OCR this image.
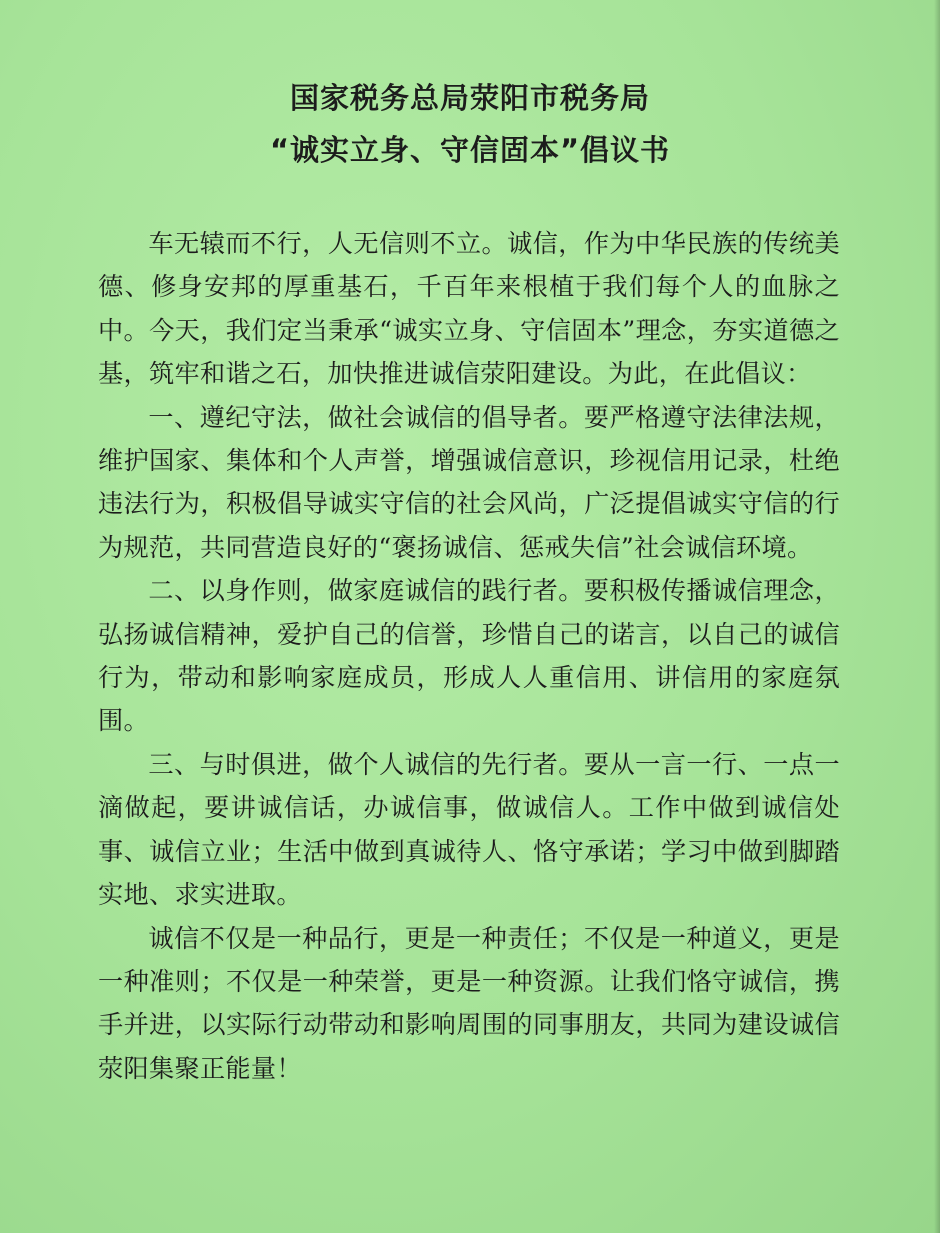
国家税务总局荥阳市税务局
“诚实立身、守信固本”倡议书

车无辕而不行，人无信则不立。诚信，作为中华民族的传统美德、修身安邦的厚重基石，千百年来根植于我们每个人的血脉之中。今天，我们定当秉承“诚实立身、守信固本”理念，夯实道德之基，筑牢和谐之石，加快推进诚信荥阳建设。为此，在此倡议：

一、遵纪守法，做社会诚信的倡导者。要严格遵守法律法规，维护国家、集体和个人声誉，增强诚信意识，珍视信用记录，杜绝违法行为，积极倡导诚实守信的社会风尚，广泛提倡诚实守信的行为规范，共同营造良好的“褒扬诚信、惩戒失信”社会诚信环境。

二、以身作则，做家庭诚信的践行者。要积极传播诚信理念，弘扬诚信精神，爱护自己的信誉，珍惜自己的诺言，以自己的诚信行为，带动和影响家庭成员，形成人人重信用、讲信用的家庭氛围。

三、与时俱进，做个人诚信的先行者。要从一言一行、一点一滴做起，要讲诚信话，办诚信事，做诚信人。工作中做到诚信处事、诚信立业；生活中做到真诚待人、恪守承诺；学习中做到脚踏实地、求实进取。

诚信不仅是一种品行，更是一种责任；不仅是一种道义，更是一种准则；不仅是一种荣誉，更是一种资源。让我们恪守诚信，携手并进，以实际行动带动和影响周围的同事朋友，共同为建设诚信荥阳集聚正能量！
